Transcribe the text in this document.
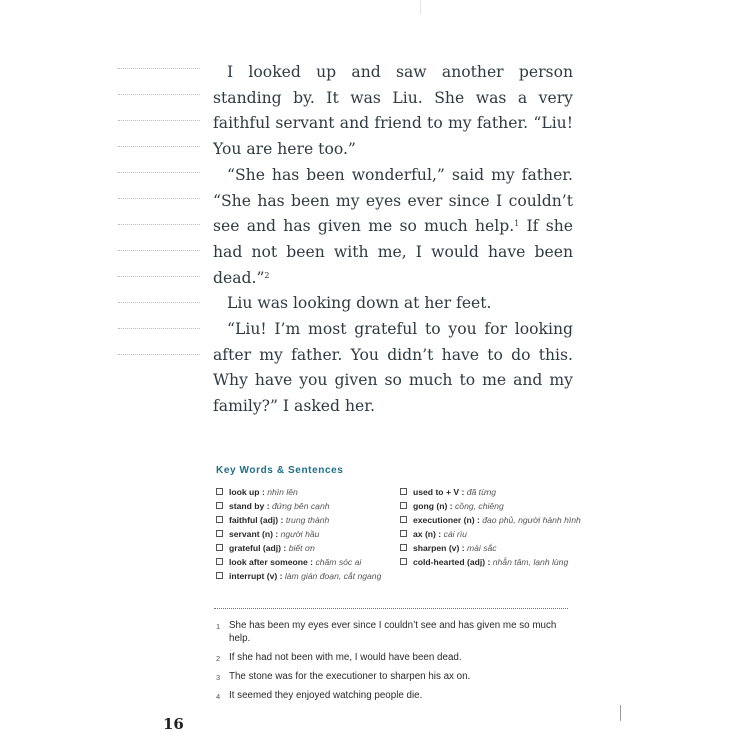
I looked up and saw another person standing by. It was Liu. She was a very faithful servant and friend to my father. “Liu! You are here too.”

“She has been wonderful,” said my father. “She has been my eyes ever since I couldn’t see and has given me so much help.$^1$ If she had not been with me, I would have been dead.”$^2$

Liu was looking down at her feet.

“Liu! I’m most grateful to you for looking after my father. You didn’t have to do this. Why have you given so much to me and my family?” I asked her.

Key Words & Sentences
look up : nhìn lên
stand by : đứng bên cạnh
faithful (adj) : trung thành
servant (n) : người hầu
grateful (adj) : biết ơn
look after someone : chăm sóc ai
interrupt (v) : làm gián đoạn, cắt ngang
used to + V : đã từng
gong (n) : cồng, chiêng
executioner (n) : đao phủ, người hành hình
ax (n) : cái rìu
sharpen (v) : mài sắc
cold-hearted (adj) : nhẫn tâm, lạnh lùng
1 She has been my eyes ever since I couldn’t see and has given me so much help.
2 If she had not been with me, I would have been dead.
3 The stone was for the executioner to sharpen his ax on.
4 It seemed they enjoyed watching people die.
16
